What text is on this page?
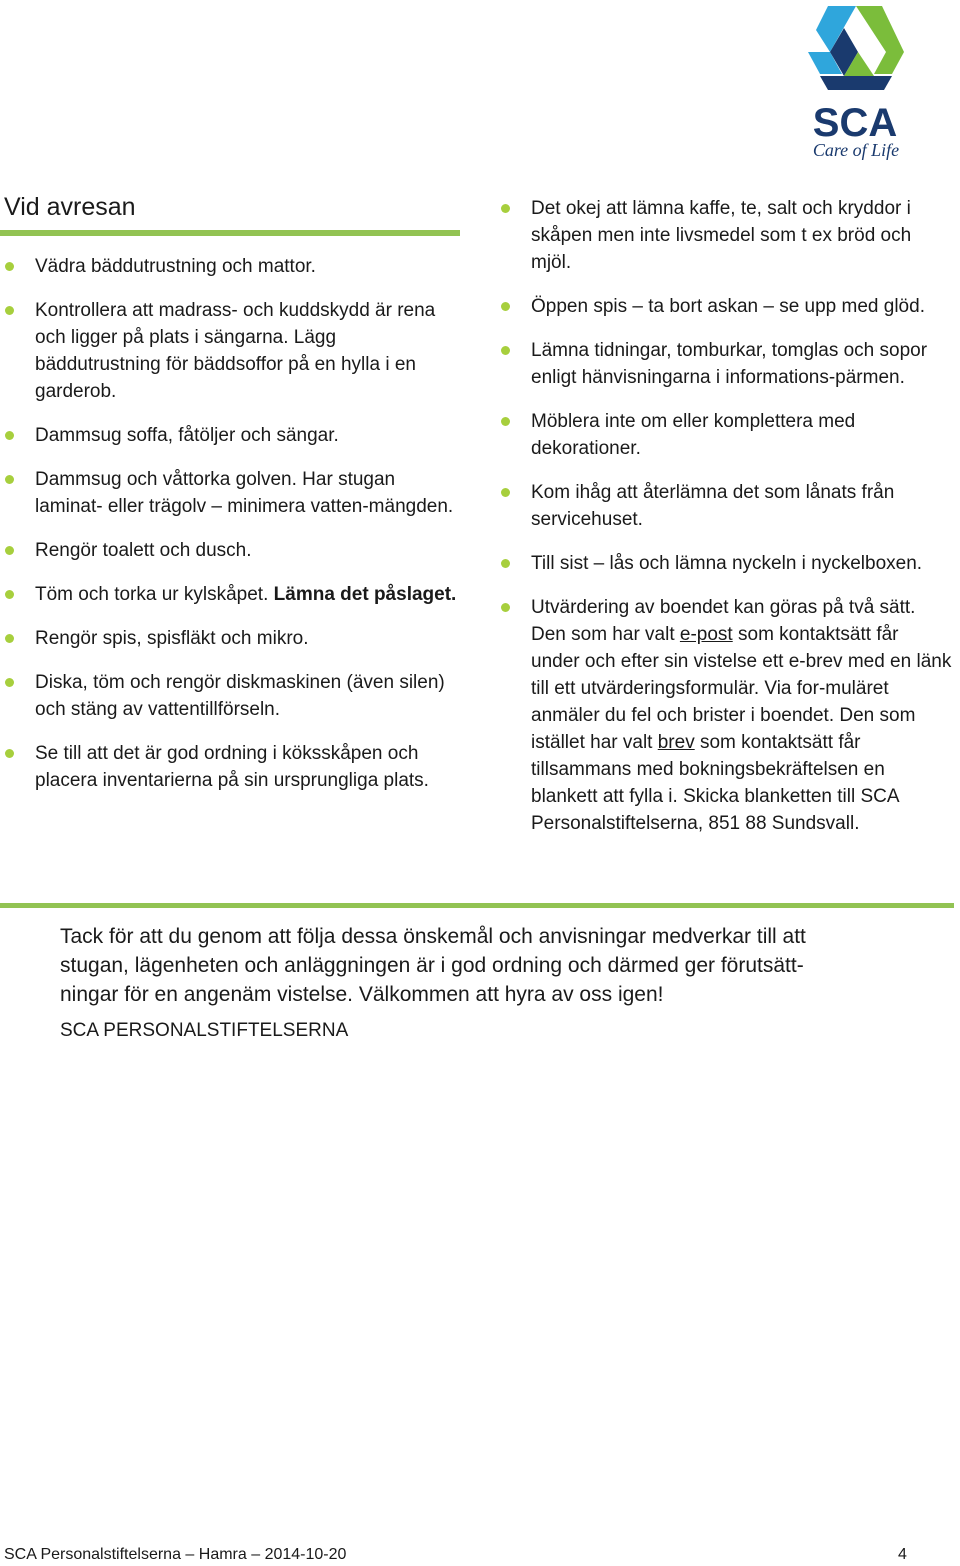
SCA
Care of Life
Vid avresan
Vädra bäddutrustning och mattor.
Kontrollera att madrass- och kuddskydd är rena och ligger på plats i sängarna. Lägg bäddutrustning för bäddsoffor på en hylla i en garderob.
Dammsug soffa, fåtöljer och sängar.
Dammsug och våttorka golven. Har stugan laminat- eller trägolv – minimera vatten-mängden.
Rengör toalett och dusch.
Töm och torka ur kylskåpet. Lämna det påslaget.
Rengör spis, spisfläkt och mikro.
Diska, töm och rengör diskmaskinen (även silen) och stäng av vattentillförseln.
Se till att det är god ordning i köksskåpen och placera inventarierna på sin ursprungliga plats.
Det okej att lämna kaffe, te, salt och kryddor i skåpen men inte livsmedel som t ex bröd och mjöl.
Öppen spis – ta bort askan – se upp med glöd.
Lämna tidningar, tomburkar, tomglas och sopor enligt hänvisningarna i informations-pärmen.
Möblera inte om eller komplettera med dekorationer.
Kom ihåg att återlämna det som lånats från servicehuset.
Till sist – lås och lämna nyckeln i nyckelboxen.
Utvärdering av boendet kan göras på två sätt. Den som har valt e-post som kontaktsätt får under och efter sin vistelse ett e-brev med en länk till ett utvärderingsformulär. Via for-muläret anmäler du fel och brister i boendet. Den som istället har valt brev som kontaktsätt får tillsammans med bokningsbekräftelsen en blankett att fylla i. Skicka blanketten till SCA Personalstiftelserna, 851 88 Sundsvall.

Tack för att du genom att följa dessa önskemål och anvisningar medverkar till att stugan, lägenheten och anläggningen är i god ordning och därmed ger förutsätt-ningar för en angenäm vistelse. Välkommen att hyra av oss igen!

SCA PERSONALSTIFTELSERNA

SCA Personalstiftelserna – Hamra – 2014-10-20	4
